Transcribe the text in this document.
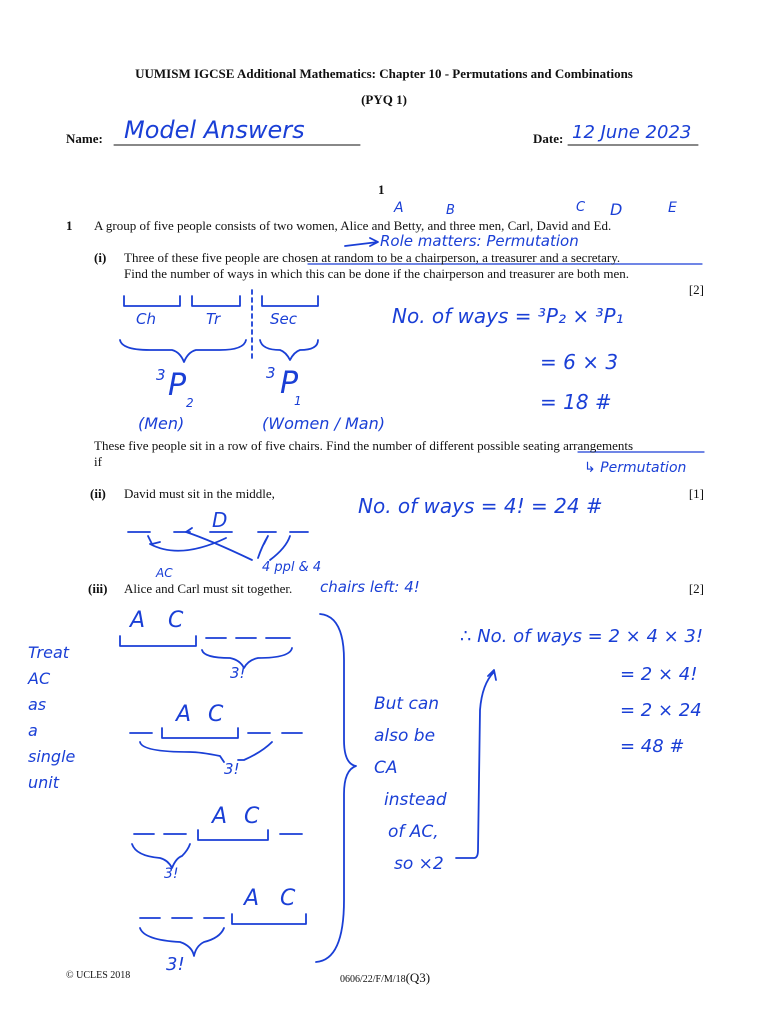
UUMISM IGCSE Additional Mathematics: Chapter 10 - Permutations and Combinations
(PYQ 1)
Name: Model Answers	Date: 12 June 2023
1
A	B	C D	E
1 A group of five people consists of two women, Alice and Betty, and three men, Carl, David and Ed.
Role matters: Permutation
(i) Three of these five people are chosen at random to be a chairperson, a treasurer and a secretary.
Find the number of ways in which this can be done if the chairperson and treasurer are both men.
[2]
Ch	Tr	Sec
3 P 2
(Men)
3 P
1
(Women / Man)
No. of ways = ³P₂ × ³P₁
= 6 × 3
= 18 #
These five people sit in a row of five chairs. Find the number of different possible seating arrangements
if	↳ Permutation
(ii) David must sit in the middle,	[1]
D
No. of ways = 4! = 24 #
4 ppl & 4
chairs left: 4!
AC
(iii) Alice and Carl must sit together.	[2]
Treat
AC
as
a
single
unit
A C
3!
A C
3!
A C
3!
A C
3!
But can
also be
CA
instead
of AC,
so ×2
∴ No. of ways = 2 × 4 × 3!
= 2 × 4!
= 2 × 24
= 48 #
© UCLES 2018	0606/22/F/M/18(Q3)
